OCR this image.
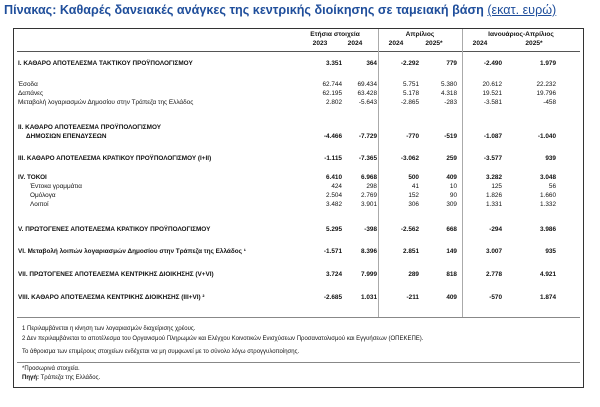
Πίνακας: Καθαρές δανειακές ανάγκες της κεντρικής διοίκησης σε ταμειακή βάση (εκατ. ευρώ)
Ετήσια στοιχεία	Απρίλιος	Ιανουάριος-Απρίλιος
2023	2024	2024	2025*	2024	2025*
I. ΚΑΘΑΡΟ ΑΠΟΤΕΛΕΣΜΑ ΤΑΚΤΙΚΟΥ ΠΡΟΫΠΟΛΟΓΙΣΜΟΥ	3.351	364	-2.292	779	-2.490	1.979
Έσοδα	62.744	69.434	5.751	5.380	20.612	22.232
Δαπάνες	62.195	63.428	5.178	4.318	19.521	19.796
Μεταβολή λογαριασμών Δημοσίου στην Τράπεζα της Ελλάδος	2.802	-5.643	-2.865	-283	-3.581	-458
II. ΚΑΘΑΡΟ ΑΠΟΤΕΛΕΣΜΑ ΠΡΟΫΠΟΛΟΓΙΣΜΟΥ
ΔΗΜΟΣΙΩΝ ΕΠΕΝΔΥΣΕΩΝ	-4.466	-7.729	-770	-519	-1.087	-1.040
III. ΚΑΘΑΡΟ ΑΠΟΤΕΛΕΣΜΑ ΚΡΑΤΙΚΟΥ ΠΡΟΫΠΟΛΟΓΙΣΜΟΥ (I+II)	-1.115	-7.365	-3.062	259	-3.577	939
IV. ΤΟΚΟΙ	6.410	6.968	500	409	3.282	3.048
Έντοκα γραμμάτια	424	298	41	10	125	56
Ομόλογα	2.504	2.769	152	90	1.826	1.660
Λοιποί	3.482	3.901	306	309	1.331	1.332
V. ΠΡΩΤΟΓΕΝΕΣ ΑΠΟΤΕΛΕΣΜΑ ΚΡΑΤΙΚΟΥ ΠΡΟΫΠΟΛΟΓΙΣΜΟΥ	5.295	-398	-2.562	668	-294	3.986
VI. Μεταβολή λοιπών λογαριασμών Δημοσίου στην Τράπεζα της Ελλάδος ¹	-1.571	8.396	2.851	149	3.007	935
VII. ΠΡΩΤΟΓΕΝΕΣ ΑΠΟΤΕΛΕΣΜΑ ΚΕΝΤΡΙΚΗΣ ΔΙΟΙΚΗΣΗΣ (V+VI)	3.724	7.999	289	818	2.778	4.921
VIII. ΚΑΘΑΡΟ ΑΠΟΤΕΛΕΣΜΑ ΚΕΝΤΡΙΚΗΣ ΔΙΟΙΚΗΣΗΣ (III+VI) ²	-2.685	1.031	-211	409	-570	1.874
1 Περιλαμβάνεται η κίνηση των λογαριασμών διαχείρισης χρέους.
2 Δεν περιλαμβάνεται το αποτέλεσμα του Οργανισμού Πληρωμών και Ελέγχου Κοινοτικών Ενισχύσεων Προσανατολισμού και Εγγυήσεων (ΟΠΕΚΕΠΕ).
Το άθροισμα των επιμέρους στοιχείων ενδέχεται να μη συμφωνεί με το σύνολο λόγω στρογγυλοποίησης.
*Προσωρινά στοιχεία.
Πηγή: Τράπεζα της Ελλάδος.
